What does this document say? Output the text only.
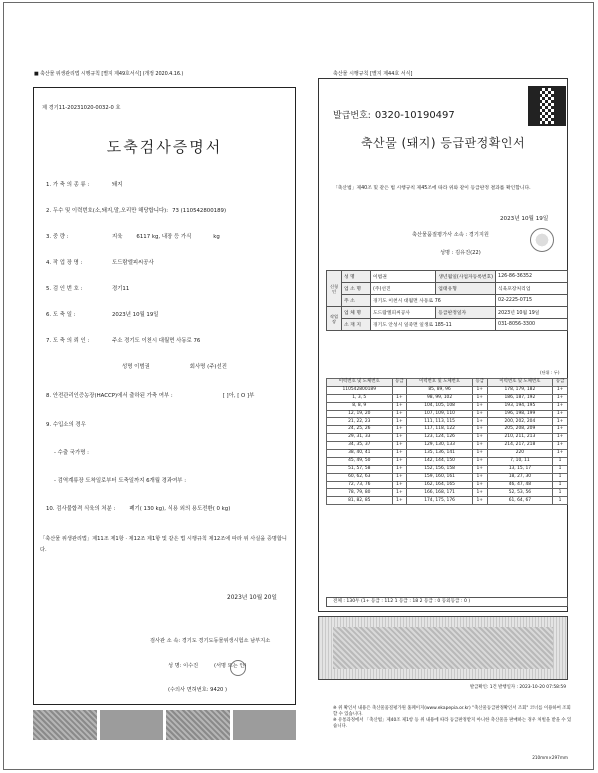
■ 축산물 위생관리법 시행규칙 [별지 제49호서식] (개정 2020.4.16.)
제 경기11-20231020-0032-0 호
도축검사증명서
1. 가 축 의 종 류 :	돼지
2. 두수 및 이력번호(소,돼지,말,오리만 해당합니다): 73 (110542800189)
3. 중 량 :	지육	6117 kg, 내장 등 가식	kg
4. 작 업 장 명 :	도드람엘피씨공사
5. 검 인 번 호 :	경기11
6. 도 축 일 :	2023년 10월 19일
7. 도 축 의 뢰 인 :	주소 경기도 이천시 대월면 사동로 76
성명 이범권	회사명 (주)선진
8. 안전관리인증농장(HACCP)에서 출하된 가축 여부 :	[ ]아, [ O ]부
9. 수입소의 경우
- 수출 국가명 :
- 검역계류장 도착일로부터 도축일까지 6개월 경과여부 :
10. 검사불합격 식육의 처분 :	폐기( 130 kg), 식용 외의 용도전환( 0 kg)
「축산물 위생관리법」제11조 제1항 · 제12조 제1항 및 같은 법 시행규칙 제12조에 따라 위 사실을 증명합니다.
2023년 10월 20일
검사관 소 속: 경기도 경기도동물위생시험소 남부지소
성 명: 이수진	(서명 또는 인)
(수의사 면허번호: 9420 )
축산물 시행규칙 [별지 제44호 서식]
발급번호: 0320-10190497
축산물 (돼지) 등급판정확인서
「축산법」제40조 및 같은 법 시행규칙 제45조에 따라 위와 같이 등급판정 결과를 확인합니다.
2023년 10월 19일
축산물품질평가사 소속 : 경기지원
성명 : 김유진(22)
신청인	성 명	이범권	생년월일(사업자등록번호)	126-86-36352
	업 소 명	(주)선진	업태유형	식육포장처리업
	주 소	경기도 이천시 대월면 사동로 76		02-2225-0715
작업장	업 체 명	도드람엘피씨공사	등급판정일자	2023년 10월 19일
	소 재 지	경기도 안성시 일죽면 일생로 185-11		031-8056-3300
(단위 : 두)
이력번호 및 도체번호	등급	이력번호 및 도체번호	등급	이력번호 및 도체번호	등급
110542800189		85, 89, 96	1+	178, 179, 182	1+
1, 3, 5	1+	98, 99, 102	1+	186, 187, 192	1+
8, 8, 9	1+	104, 105, 108	1+	193, 194, 195	1+
12, 19, 20	1+	107, 109, 110	1+	196, 198, 199	1+
21, 22, 23	1+	111, 113, 115	1+	200, 202, 204	1+
24, 25, 26	1+	117, 118, 122	1+	205, 208, 209	1+
29, 31, 33	1+	123, 124, 126	1+	210, 211, 213	1+
34, 35, 37	1+	129, 130, 133	1+	214, 217, 218	1+
38, 40, 41	1+	135, 136, 141	1+	220	1+
45, 49, 50	1+	142, 144, 150	1+	7, 10, 11	1
51, 57, 58	1+	152, 156, 158	1+	13, 15, 17	1
60, 62, 63	1+	159, 160, 161	1+	18, 27, 30	1
72, 73, 76	1+	162, 164, 165	1+	46, 47, 48	1
78, 79, 80	1+	166, 168, 171	1+	52, 53, 56	1
81, 82, 85	1+	174, 175, 176	1+	61, 64, 67	1
전체 : 130두 (1+ 등급 : 112 1 등급 : 18 2 등급 : 0 등외등급 : 0 )
발급확인: 1건 발행일자 : 2023-10-20 07:58:59
※ 위 확인서 내용은 축산물품질평가원 홈페이지(www.ekapepia.or.kr) "축산물등급판정확인서 조회" 코너를 이용하여 조회할 수 있습니다.
※ 유통과정에서 「축산법」제40조 제1항 등 위 내용에 따라 등급판정받지 아니한 축산물을 판매하는 경우 처벌을 받을 수 있습니다.
210mm×297mm
